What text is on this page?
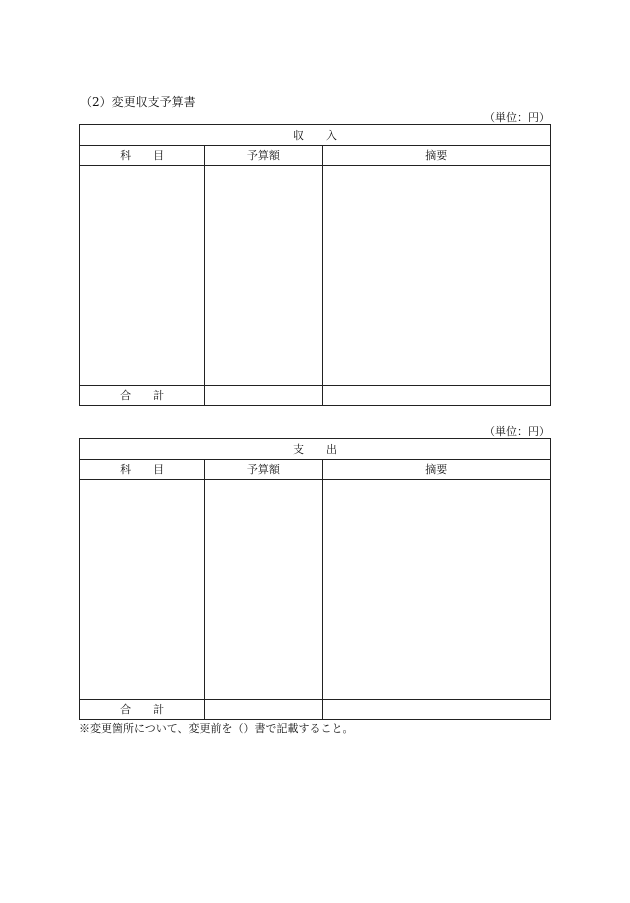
（2）変更収支予算書
（単位：円）
収　　入		
科　　目	予算額	摘要

合　　計		
（単位：円）
支　　出		
科　　目	予算額	摘要

合　　計		
※変更箇所について、変更前を（）書で記載すること。
